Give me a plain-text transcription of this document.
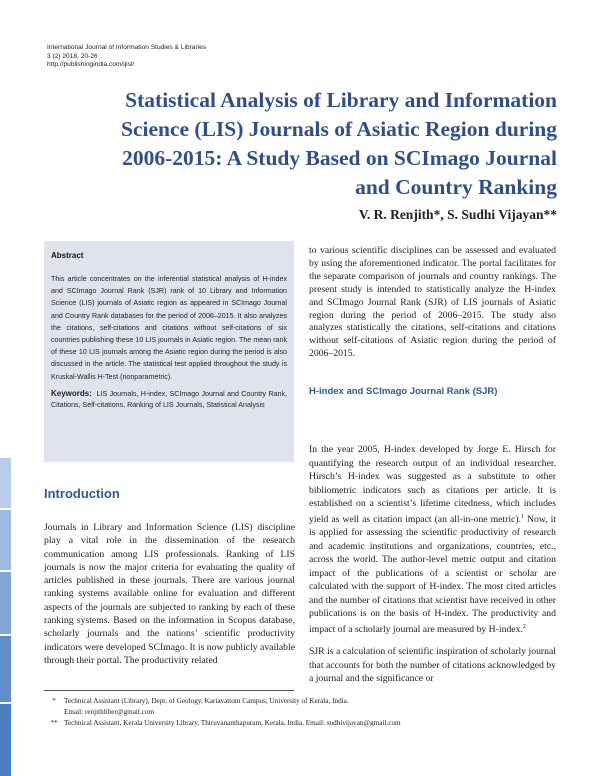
International Journal of Information Studies & Libraries
3 (2) 2018, 20-26
http://publishingindia.com/ijisl/
Statistical Analysis of Library and Information
Science (LIS) Journals of Asiatic Region during
2006-2015: A Study Based on SCImago Journal
and Country Ranking
V. R. Renjith*, S. Sudhi Vijayan**
Abstract
This article concentrates on the inferential statistical analysis of H-index and SCImago Journal Rank (SJR) rank of 10 Library and Information Science (LIS) journals of Asiatic region as appeared in SCImago Journal and Country Rank databases for the period of 2006–2015. It also analyzes the citations, self-citations and citations without self-citations of six countries publishing these 10 LIS journals in Asiatic region. The mean rank of these 10 LIS journals among the Asiatic region during the period is also discussed in the article. The statistical test applied throughout the study is Kruskal-Wallis H-Test (nonparametric).
Keywords: LIS Journals, H-index, SCImago Journal and Country Rank, Citations, Self-citations, Ranking of LIS Journals, Statistical Analysis
Introduction
Journals in Library and Information Science (LIS) discipline play a vital role in the dissemination of the research communication among LIS professionals. Ranking of LIS journals is now the major criteria for evaluating the quality of articles published in these journals. There are various journal ranking systems available online for evaluation and different aspects of the journals are subjected to ranking by each of these ranking systems. Based on the information in Scopus database, scholarly journals and the nations’ scientific productivity indicators were developed SCImago. It is now publicly available through their portal. The productivity related
to various scientific disciplines can be assessed and evaluated by using the aforementioned indicator. The portal facilitates for the separate comparison of journals and country rankings. The present study is intended to statistically analyze the H-index and SCImago Journal Rank (SJR) of LIS journals of Asiatic region during the period of 2006–2015. The study also analyzes statistically the citations, self-citations and citations without self-citations of Asiatic region during the period of 2006–2015.
H-index and SCImago Journal Rank (SJR)

In the year 2005, H-index developed by Jorge E. Hirsch for quantifying the research output of an individual researcher. Hirsch’s H-index was suggested as a substitute to other bibliometric indicators such as citations per article. It is established on a scientist’s lifetime citedness, which includes yield as well as citation impact (an all-in-one metric).$^1$ Now, it is applied for assessing the scientific productivity of research and academic institutions and organizations, countries, etc., across the world. The author-level metric output and citation impact of the publications of a scientist or scholar are calculated with the support of H-index. The most cited articles and the number of citations that scientist have received in other publications is on the basis of H-index. The productivity and impact of a scholarly journal are measured by H-index.$^2$

SJR is a calculation of scientific inspiration of scholarly journal that accounts for both the number of citations acknowledged by a journal and the significance or
* Technical Assistant (Library), Dept. of Geology, Kariavattom Campus, University of Kerala, India.
Email: renjithliber@gmail.com
** Technical Assistant, Kerala University Library, Thiruvananthapuram, Kerala, India. Email: sudhivijayan@gmail.com
